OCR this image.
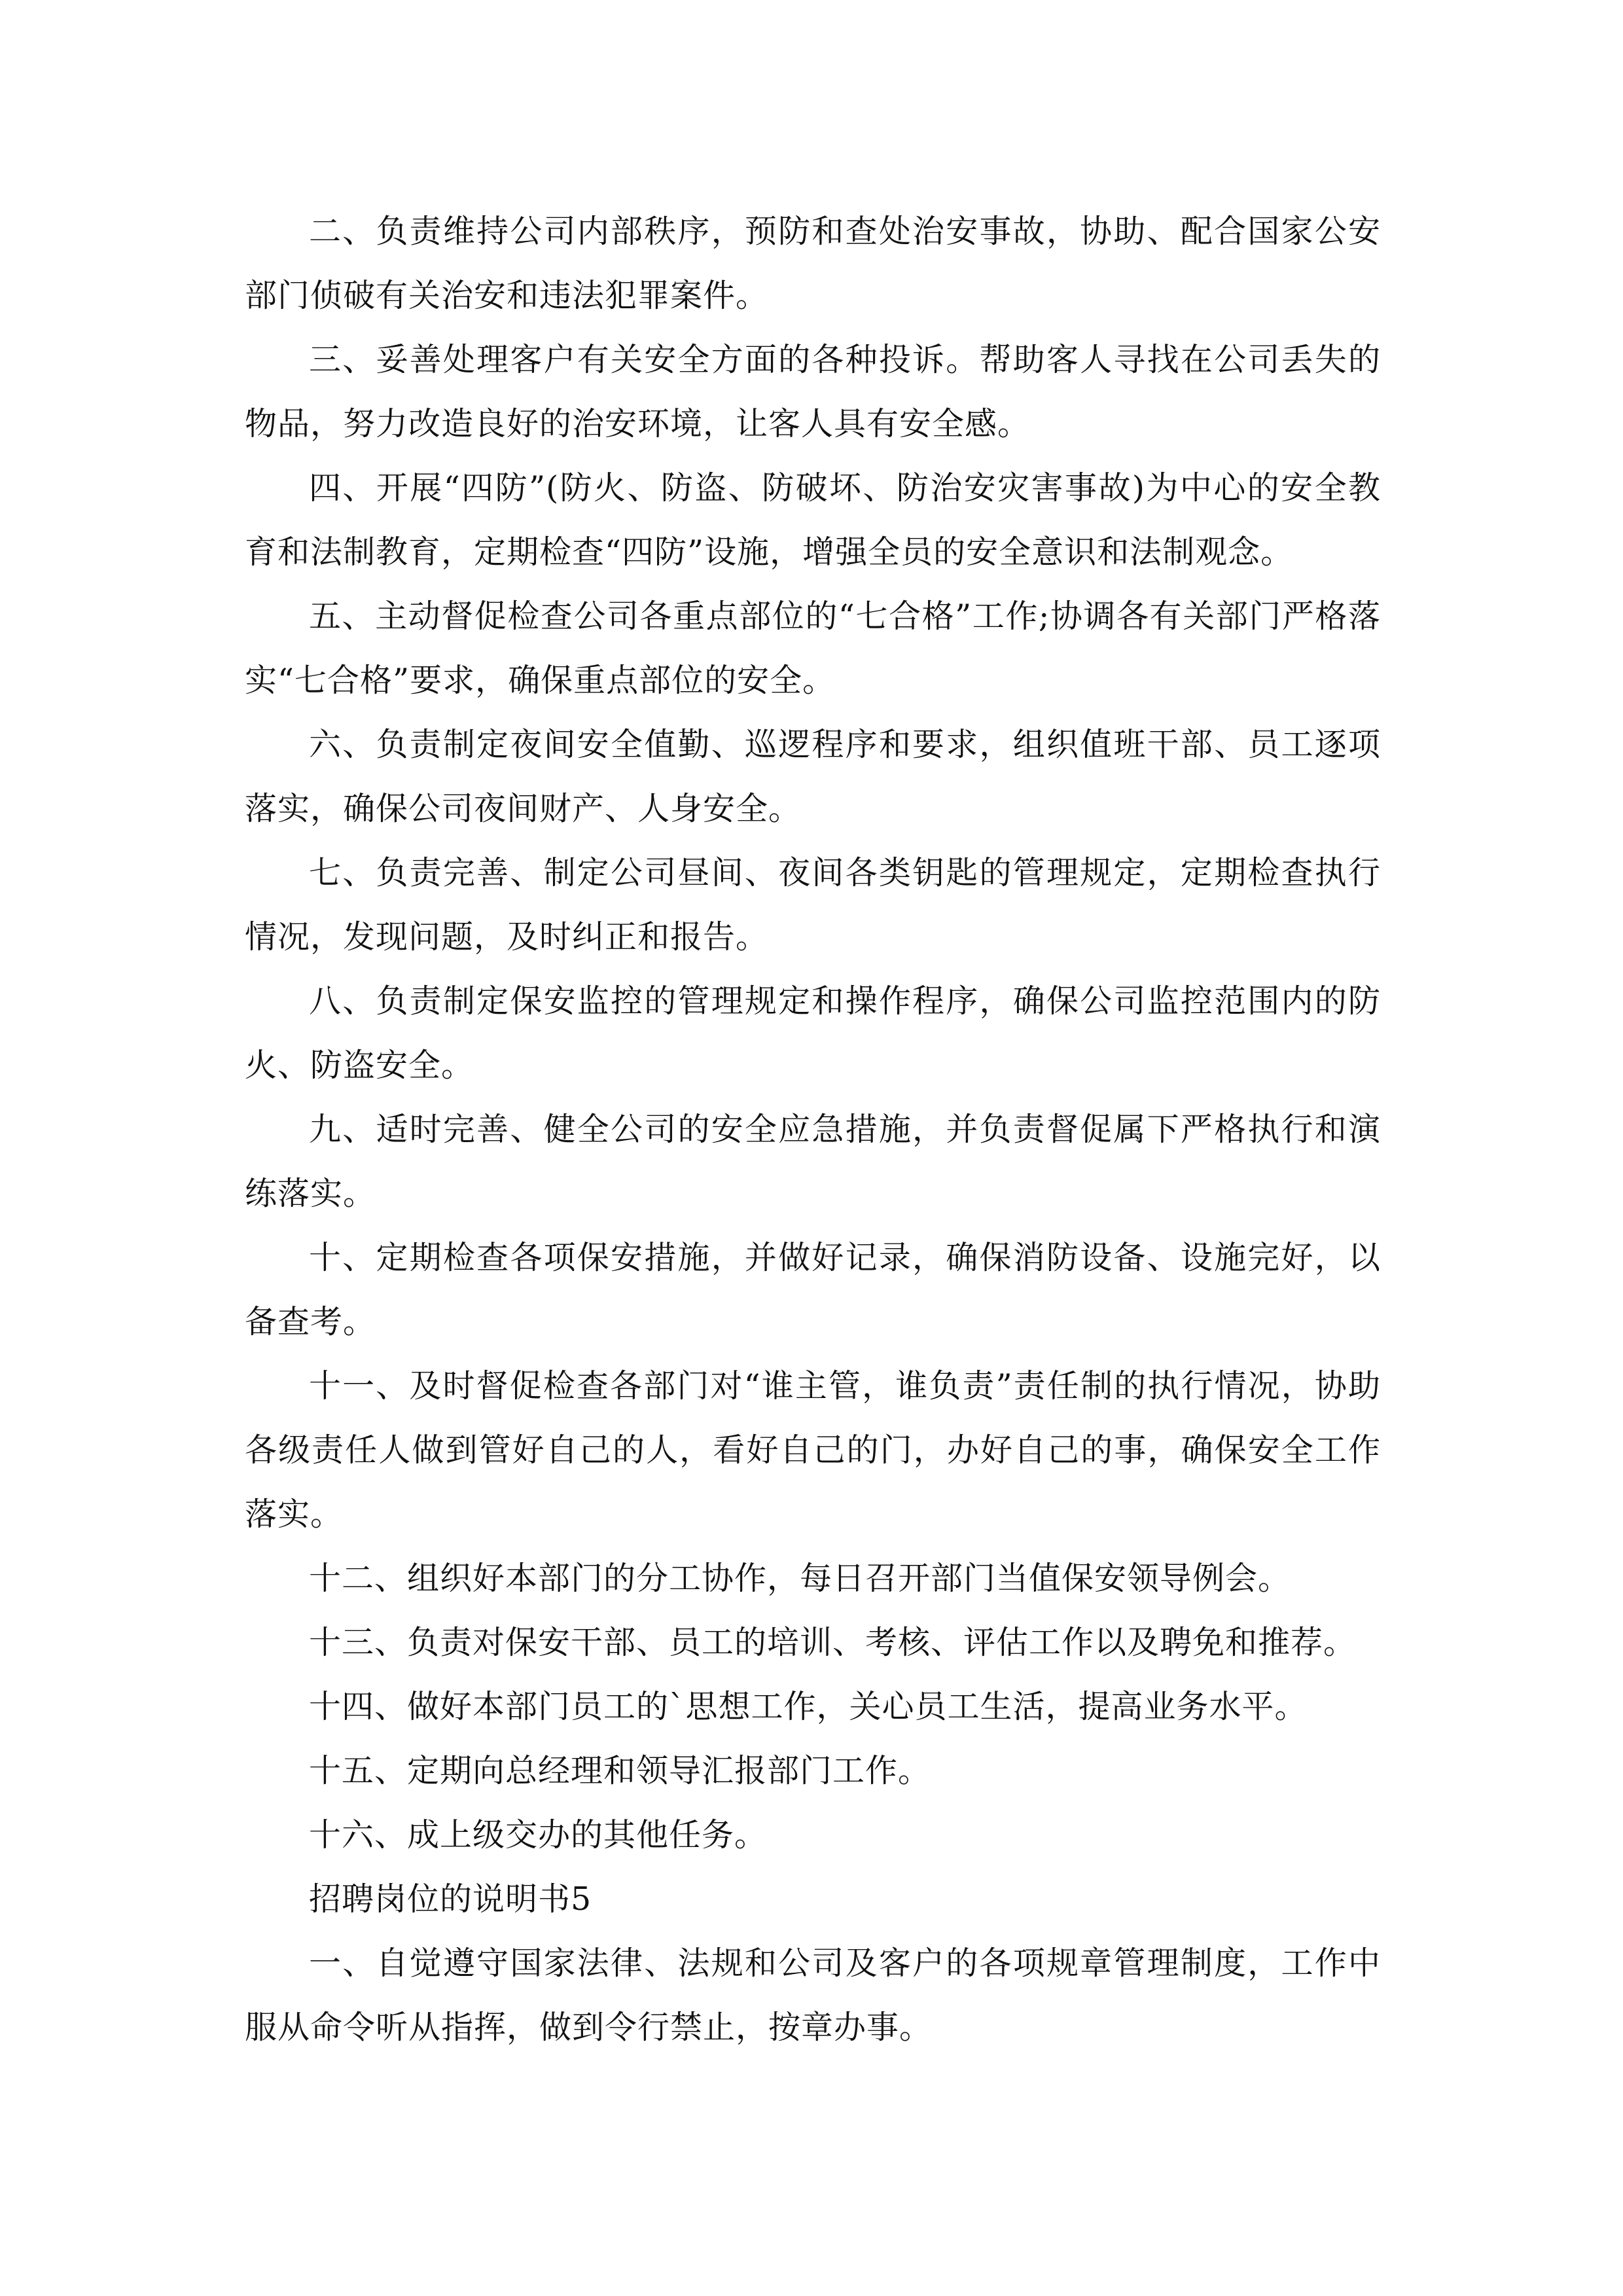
二、负责维持公司内部秩序，预防和查处治安事故，协助、配合国家公安部门侦破有关治安和违法犯罪案件。

三、妥善处理客户有关安全方面的各种投诉。帮助客人寻找在公司丢失的物品，努力改造良好的治安环境，让客人具有安全感。

四、开展“四防”(防火、防盗、防破坏、防治安灾害事故)为中心的安全教育和法制教育，定期检查“四防”设施，增强全员的安全意识和法制观念。

五、主动督促检查公司各重点部位的“七合格”工作;协调各有关部门严格落实“七合格”要求，确保重点部位的安全。

六、负责制定夜间安全值勤、巡逻程序和要求，组织值班干部、员工逐项落实，确保公司夜间财产、人身安全。

七、负责完善、制定公司昼间、夜间各类钥匙的管理规定，定期检查执行情况，发现问题，及时纠正和报告。

八、负责制定保安监控的管理规定和操作程序，确保公司监控范围内的防火、防盗安全。

九、适时完善、健全公司的安全应急措施，并负责督促属下严格执行和演练落实。

十、定期检查各项保安措施，并做好记录，确保消防设备、设施完好，以备查考。

十一、及时督促检查各部门对“谁主管，谁负责”责任制的执行情况，协助各级责任人做到管好自己的人，看好自己的门，办好自己的事，确保安全工作落实。

十二、组织好本部门的分工协作，每日召开部门当值保安领导例会。

十三、负责对保安干部、员工的培训、考核、评估工作以及聘免和推荐。

十四、做好本部门员工的`思想工作，关心员工生活，提高业务水平。

十五、定期向总经理和领导汇报部门工作。

十六、成上级交办的其他任务。

招聘岗位的说明书5

一、自觉遵守国家法律、法规和公司及客户的各项规章管理制度，工作中服从命令听从指挥，做到令行禁止，按章办事。
